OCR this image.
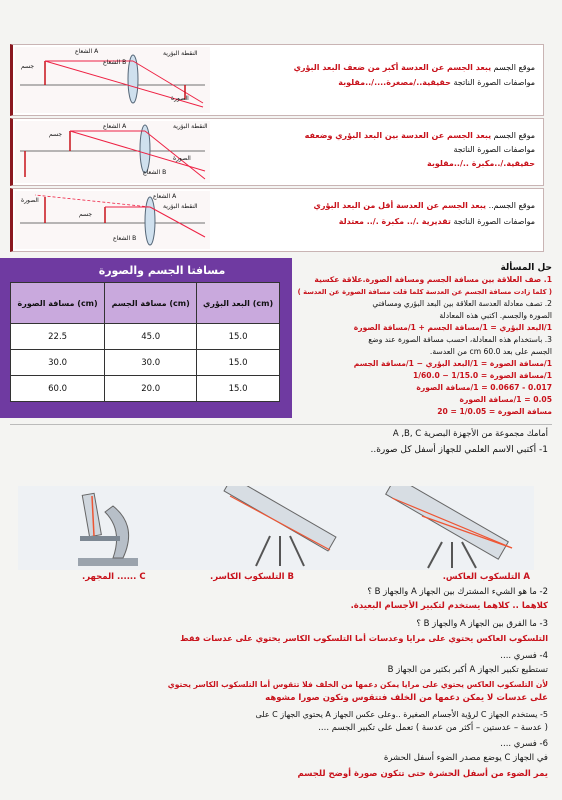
الشعاع A
الشعاع B
النقطة البؤرية
جسم
الصورة
موقع الجسم يبعد الجسم عن العدسة أكبر من ضعف البعد البؤري
مواصفات الصورة الناتجة حقيقية../مصغرة..../..مقلوبة
الشعاع A
الشعاع B
النقطة البؤرية
جسم
الصورة
موقع الجسم يبعد الجسم عن العدسة بين البعد البؤري وضعفه
مواصفات الصورة الناتجة
حقيقية./..مكبرة ../..مقلوبة
الشعاع A
الشعاع B
النقطة البؤرية
جسم
الصورة
موقع الجسم.. يبعد الجسم عن العدسة أقل من البعد البؤري
مواصفات الصورة الناتجة تقديرية ./.. مكبرة ./.. معتدلة
مسافتا الجسم والصورة
مسافة الصورة (cm)	مسافة الجسم (cm)	البعد البؤري (cm)
22.5	45.0	15.0
30.0	30.0	15.0
60.0	20.0	15.0
حل المسألة
1. صف العلاقة بين مسافة الجسم ومسافة الصورة.علاقة عكسية
( كلما زادت مسافة الجسم عن العدسة كلما قلت مسافة الصورة عن العدسة )
2. تصف معادلة العدسة العلاقة بين البعد البؤري ومسافتي
الصورة والجسم. اكتبي هذه المعادلة
1/البعد البؤري = 1/مسافة الجسم + 1/مسافة الصورة
3. باستخدام هذه المعادلة، احسب مسافة الصورة عند وضع
الجسم على بعد 60.0 cm من العدسة.
1/مسافة الصورة = 1/البعد البؤري − 1/مسافة الجسم
1/مسافة الصورة = 1/15.0 − 1/60.0
0.017 - 0.0667 = 1/مسافة الصورة
0.05 = 1/مسافة الصورة
مسافة الصورة = 1/0.05 = 20
أمامك مجموعة من الأجهزة البصرية A ,B, C
1- أكتبي الاسم العلمي للجهاز أسفل كل صورة..
A التلسكوب العاكس.
B التلسكوب الكاسر.
C ...... المجهر.
2- ما هو الشيء المشترك بين الجهاز A والجهاز B ؟
كلاهما .. كلاهما يستخدم لتكبير الأجسام البعيدة.
3- ما الفرق بين الجهاز A والجهاز B ؟
التلسكوب العاكس يحتوي على مرايا وعدسات أما التلسكوب الكاسر يحتوي على عدسات فقط
4- فسري ....
تستطيع تكبير الجهاز A أكبر بكثير من الجهاز B
لأن التلسكوب العاكس يحتوي على مرايا يمكن دعمها من الخلف فلا تتقوس أما التلسكوب الكاسر يحتوي
على عدسات لا يمكن دعمها من الخلف فتتقوس وتكون صورا مشوهه
5- يستخدم الجهاز C لرؤية الأجسام الصغيرة ..وعلى عكس الجهاز A يحتوي الجهاز C على
( عدسة – عدستين – أكثر من عدسة ) تعمل على تكبير الجسم ....
6- فسري ....
في الجهاز C يوضع مصدر الضوء أسفل الحشرة
يمر الضوء من أسفل الحشرة حتى تتكون صورة أوضح للجسم
